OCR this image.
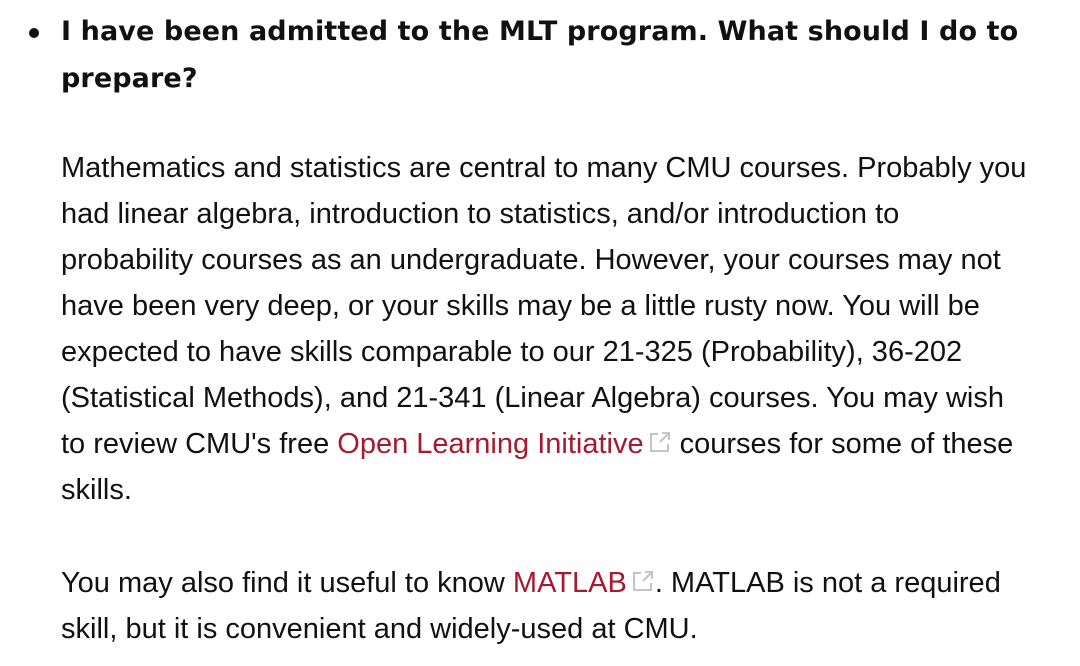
I have been admitted to the MLT program. What should I do to prepare?

Mathematics and statistics are central to many CMU courses. Probably you had linear algebra, introduction to statistics, and/or introduction to probability courses as an undergraduate. However, your courses may not have been very deep, or your skills may be a little rusty now. You will be expected to have skills comparable to our 21-325 (Probability), 36-202 (Statistical Methods), and 21-341 (Linear Algebra) courses. You may wish to review CMU's free Open Learning Initiative
courses for some of these skills.

You may also find it useful to know MATLAB . MATLAB is not a required skill, but it is convenient and widely-used at CMU.
